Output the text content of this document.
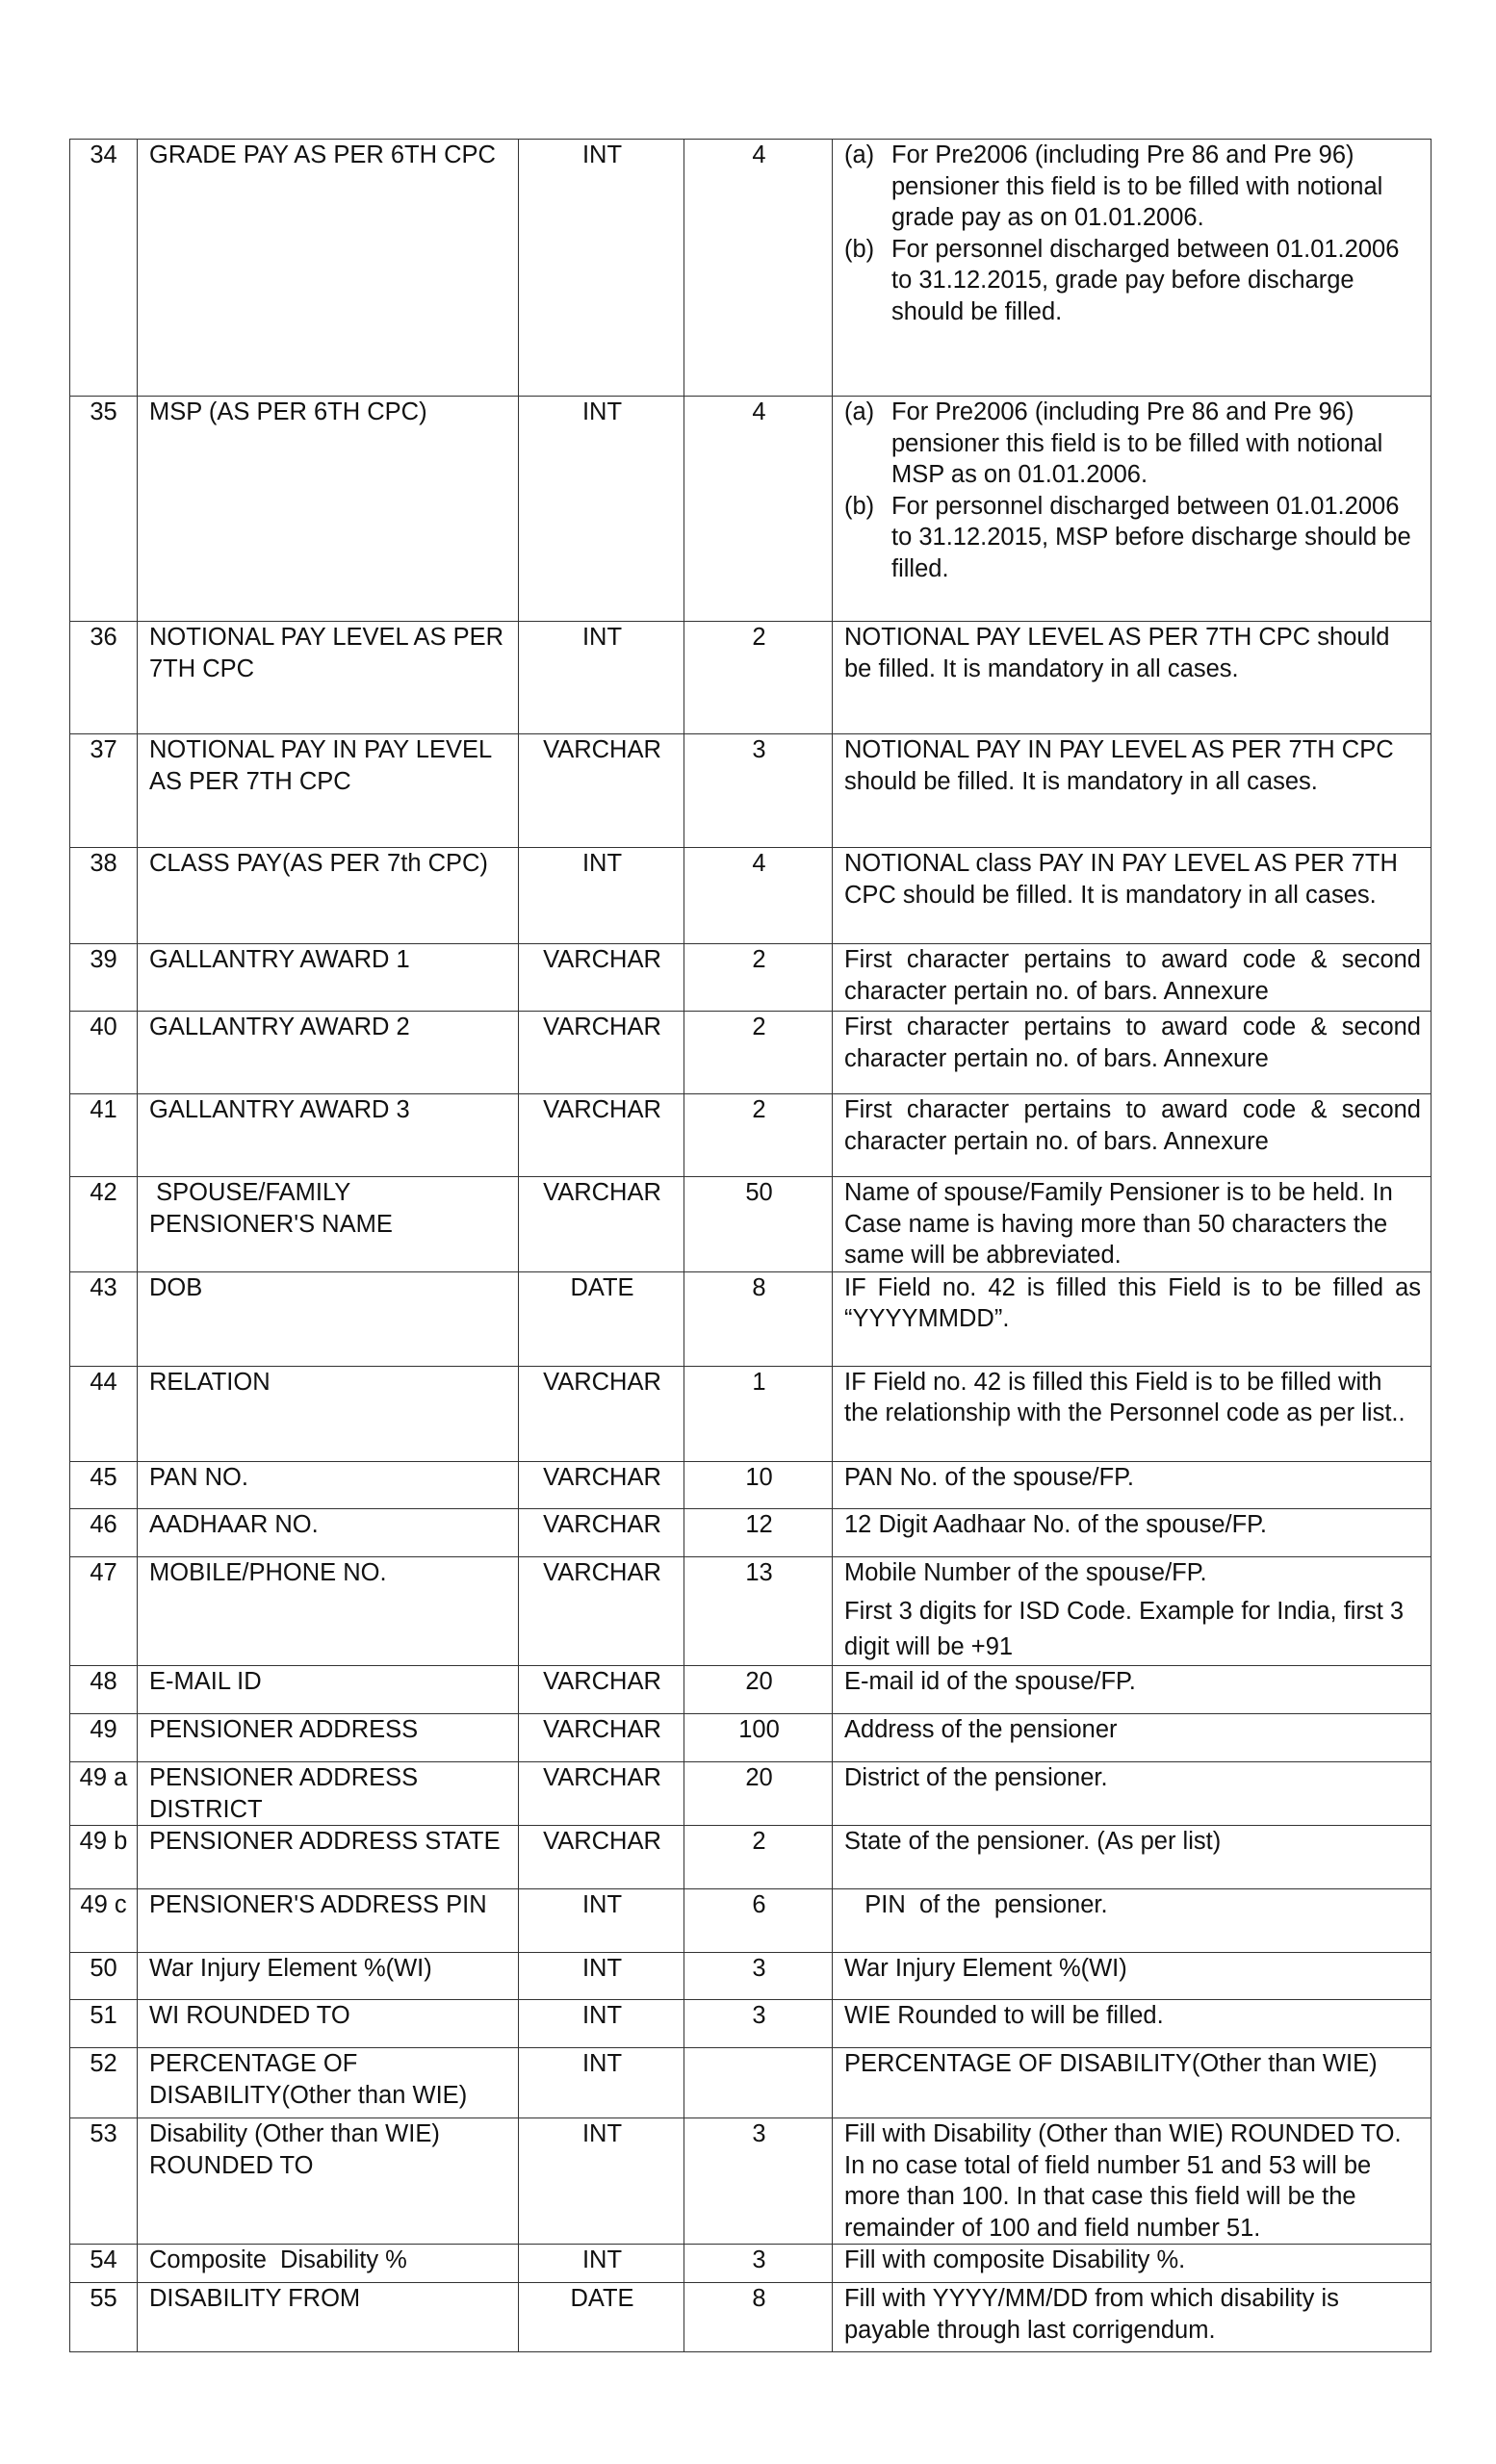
34	GRADE PAY AS PER 6TH CPC	INT	4	(a) For Pre2006 (including Pre 86 and Pre 96) pensioner this field is to be filled with notional grade pay as on 01.01.2006.
(b) For personnel discharged between 01.01.2006 to 31.12.2015, grade pay before discharge should be filled.

35	MSP (AS PER 6TH CPC)	INT	4	(a) For Pre2006 (including Pre 86 and Pre 96) pensioner this field is to be filled with notional MSP as on 01.01.2006.
(b) For personnel discharged between 01.01.2006 to 31.12.2015, MSP before discharge should be filled.

36	NOTIONAL PAY LEVEL AS PER 7TH CPC	INT	2	NOTIONAL PAY LEVEL AS PER 7TH CPC should be filled. It is mandatory in all cases.
37	NOTIONAL PAY IN PAY LEVEL AS PER 7TH CPC	VARCHAR	3	NOTIONAL PAY IN PAY LEVEL AS PER 7TH CPC should be filled. It is mandatory in all cases.
38	CLASS PAY(AS PER 7th CPC)	INT	4	NOTIONAL class PAY IN PAY LEVEL AS PER 7TH CPC should be filled. It is mandatory in all cases.
39	GALLANTRY AWARD 1	VARCHAR	2	First character pertains to award code & second character pertain no. of bars. Annexure
40	GALLANTRY AWARD 2	VARCHAR	2	First character pertains to award code & second character pertain no. of bars. Annexure
41	GALLANTRY AWARD 3	VARCHAR	2	First character pertains to award code & second character pertain no. of bars. Annexure
42	SPOUSE/FAMILY PENSIONER'S NAME	VARCHAR	50	Name of spouse/Family Pensioner is to be held. In Case name is having more than 50 characters the same will be abbreviated.
43	DOB	DATE	8	IF Field no. 42 is filled this Field is to be filled as “YYYYMMDD”.
44	RELATION	VARCHAR	1	IF Field no. 42 is filled this Field is to be filled with the relationship with the Personnel code as per list..
45	PAN NO.	VARCHAR	10	PAN No. of the spouse/FP.
46	AADHAAR NO.	VARCHAR	12	12 Digit Aadhaar No. of the spouse/FP.
47	MOBILE/PHONE NO.	VARCHAR	13	Mobile Number of the spouse/FP.
First 3 digits for ISD Code. Example for India, first 3 digit will be +91

48	E-MAIL ID	VARCHAR	20	E-mail id of the spouse/FP.
49	PENSIONER ADDRESS	VARCHAR	100	Address of the pensioner
49 a	PENSIONER ADDRESS DISTRICT	VARCHAR	20	District of the pensioner.
49 b	PENSIONER ADDRESS STATE	VARCHAR	2	State of the pensioner. (As per list)
49 c	PENSIONER'S ADDRESS PIN	INT	6	PIN  of the  pensioner.
50	War Injury Element %(WI)	INT	3	War Injury Element %(WI)
51	WI ROUNDED TO	INT	3	WIE Rounded to will be filled.
52	PERCENTAGE OF DISABILITY(Other than WIE)	INT		PERCENTAGE OF DISABILITY(Other than WIE)
53	Disability (Other than WIE) ROUNDED TO	INT	3	Fill with Disability (Other than WIE) ROUNDED TO. In no case total of field number 51 and 53 will be more than 100. In that case this field will be the remainder of 100 and field number 51.
54	Composite  Disability %	INT	3	Fill with composite Disability %.
55	DISABILITY FROM	DATE	8	Fill with YYYY/MM/DD from which disability is payable through last corrigendum.
